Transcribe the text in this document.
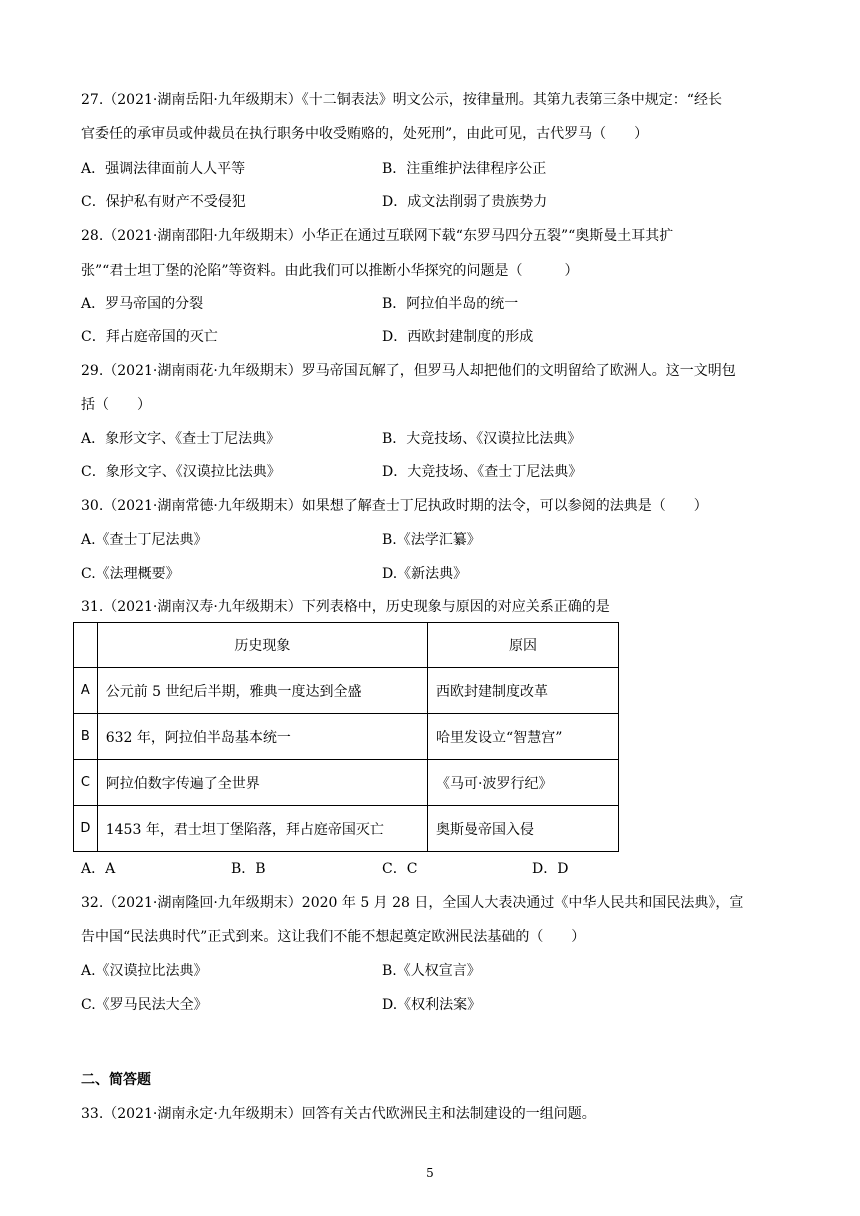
27.（2021·湖南岳阳·九年级期末）《十二铜表法》明文公示，按律量刑。其第九表第三条中规定：“经长
官委任的承审员或仲裁员在执行职务中收受贿赂的，处死刑”，由此可见，古代罗马（　　）
A．强调法律面前人人平等	B．注重维护法律程序公正
C．保护私有财产不受侵犯	D．成文法削弱了贵族势力
28.（2021·湖南邵阳·九年级期末）小华正在通过互联网下载“东罗马四分五裂”“奥斯曼土耳其扩
张”“君士坦丁堡的沦陷”等资料。由此我们可以推断小华探究的问题是（　　　）
A．罗马帝国的分裂	B．阿拉伯半岛的统一
C．拜占庭帝国的灭亡	D．西欧封建制度的形成
29.（2021·湖南雨花·九年级期末）罗马帝国瓦解了，但罗马人却把他们的文明留给了欧洲人。这一文明包
括（　　）
A．象形文字、《查士丁尼法典》	B．大竞技场、《汉谟拉比法典》
C．象形文字、《汉谟拉比法典》	D．大竞技场、《查士丁尼法典》
30.（2021·湖南常德·九年级期末）如果想了解查士丁尼执政时期的法令，可以参阅的法典是（　　）
A.《查士丁尼法典》	B.《法学汇纂》
C.《法理概要》	D.《新法典》
31.（2021·湖南汉寿·九年级期末）下列表格中，历史现象与原因的对应关系正确的是
	历史现象	原因
A	公元前 5 世纪后半期，雅典一度达到全盛	西欧封建制度改革
B	632 年，阿拉伯半岛基本统一	哈里发设立“智慧宫”
C	阿拉伯数字传遍了全世界	《马可·波罗行纪》
D	1453 年，君士坦丁堡陷落，拜占庭帝国灭亡	奥斯曼帝国入侵
A．A	B．B	C．C	D．D
32.（2021·湖南隆回·九年级期末）2020 年 5 月 28 日，全国人大表决通过《中华人民共和国民法典》，宣
告中国“民法典时代”正式到来。这让我们不能不想起奠定欧洲民法基础的（　　）
A.《汉谟拉比法典》	B.《人权宣言》
C.《罗马民法大全》	D.《权利法案》
二、简答题
33.（2021·湖南永定·九年级期末）回答有关古代欧洲民主和法制建设的一组问题。
5
